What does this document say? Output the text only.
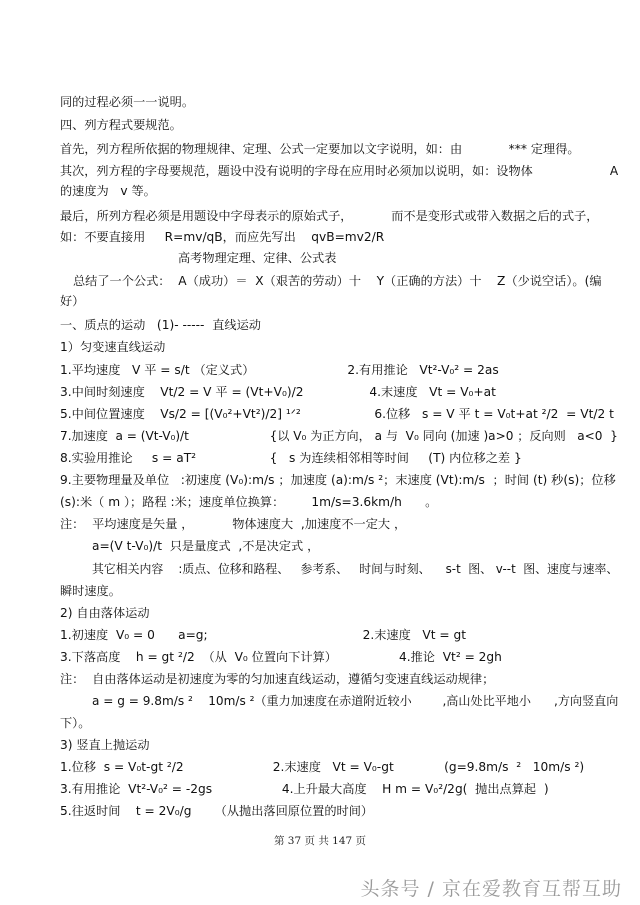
同的过程必须一一说明。
四、列方程式要规范。
首先，列方程所依据的物理规律、定理、公式一定要加以文字说明，如：由            *** 定理得。
其次，列方程的字母要规范，题设中没有说明的字母在应用时必须加以说明，如：设物体                    A
的速度为   v 等。
最后，所列方程必须是用题设中字母表示的原始式子，          而不是变形式或带入数据之后的式子，
如：不要直接用     R=mv/qB，而应先写出    qvB=mv2/R
高考物理定理、定律、公式表
总结了一个公式：  A（成功）＝  X（艰苦的劳动）十    Y（正确的方法）十    Z（少说空话）。(编
好）
一、质点的运动   (1)- -----  直线运动
1）匀变速直线运动
1.平均速度   V 平 = s/t （定义式）                        2.有用推论   Vt²-V₀² = 2as
3.中间时刻速度    Vt/2 = V 平 = (Vt+V₀)/2                 4.末速度   Vt = V₀+at
5.中间位置速度    Vs/2 = [(V₀²+Vt²)/2] ¹ᐟ²                   6.位移   s = V 平 t = V₀t+at ²/2  = Vt/2 t
7.加速度  a = (Vt-V₀)/t                     {以 V₀ 为正方向， a 与  V₀ 同向 (加速 )a>0 ；反向则   a<0  }
8.实验用推论     s = aT²                   {   s 为连续相邻相等时间     (T) 内位移之差 }
9.主要物理量及单位   :初速度 (V₀):m/s ；加速度 (a):m/s ²；末速度 (Vt):m/s  ；时间 (t) 秒(s)；位移
(s):米（ m ）；路程 :米；速度单位换算：       1m/s=3.6km/h      。
注：  平均速度是矢量 ，          物体速度大  ,加速度不一定大 ，
a=(V t-V₀)/t  只是量度式  ,不是决定式 ，
其它相关内容    :质点、位移和路程、   参考系、   时间与时刻、    s-t  图、 v--t  图、速度与速率、
瞬时速度。
2) 自由落体运动
1.初速度  V₀ = 0      a=g;                                        2.末速度   Vt = gt
3.下落高度    h = gt ²/2  （从  V₀ 位置向下计算）                4.推论  Vt² = 2gh
注：  自由落体运动是初速度为零的匀加速直线运动，遵循匀变速直线运动规律；
a = g = 9.8m/s ²    10m/s ²（重力加速度在赤道附近较小        ,高山处比平地小      ,方向竖直向
下）。
3) 竖直上抛运动
1.位移  s = V₀t-gt ²/2                       2.末速度   Vt = V₀-gt             (g=9.8m/s  ²   10m/s ²)
3.有用推论  Vt²-V₀² = -2gs                  4.上升最大高度    H m = V₀²/2g(  抛出点算起  )
5.往返时间    t = 2V₀/g      （从抛出落回原位置的时间）
第 37 页 共 147 页
头条号 / 京在爱教育互帮互助
